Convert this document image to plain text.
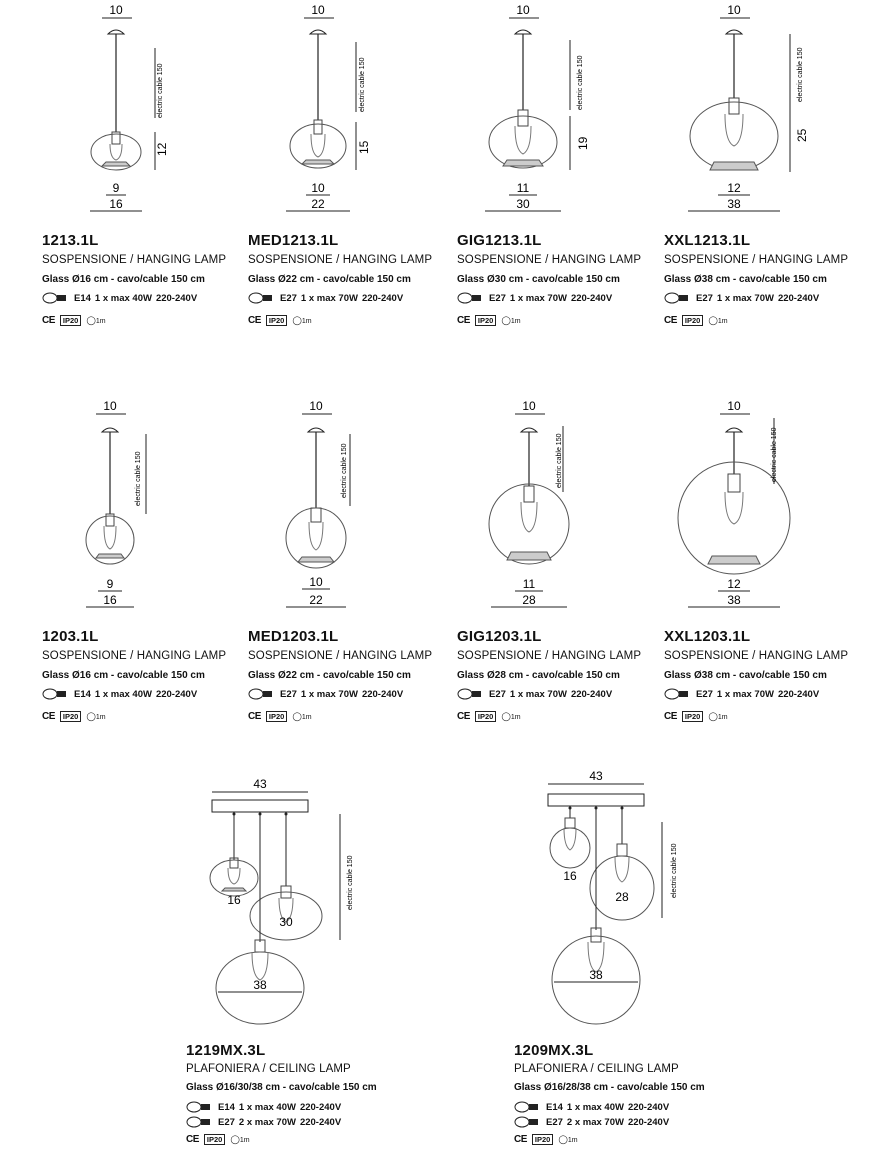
10
electric cable 150
12
9
16
1213.1L
SOSPENSIONE / HANGING LAMP
Glass Ø16 cm - cavo/cable 150 cm
E14 1 x max 40W 220-240V
CE	IP20 ◯1m
10
electric cable 150
15
10
22
MED1213.1L
SOSPENSIONE / HANGING LAMP
Glass Ø22 cm - cavo/cable 150 cm
E27 1 x max 70W 220-240V
CE	IP20 ◯1m
10
electric cable 150
19
11
30
GIG1213.1L
SOSPENSIONE / HANGING LAMP
Glass Ø30 cm - cavo/cable 150 cm
E27 1 x max 70W 220-240V
CE	IP20 ◯1m
10
electric cable 150
25
12
38
XXL1213.1L
SOSPENSIONE / HANGING LAMP
Glass Ø38 cm - cavo/cable 150 cm
E27 1 x max 70W 220-240V
CE	IP20 ◯1m
10
electric cable 150
9
16
1203.1L
SOSPENSIONE / HANGING LAMP
Glass Ø16 cm - cavo/cable 150 cm
E14 1 x max 40W 220-240V
CE	IP20 ◯1m
10
electric cable 150
10
22
MED1203.1L
SOSPENSIONE / HANGING LAMP
Glass Ø22 cm - cavo/cable 150 cm
E27 1 x max 70W 220-240V
CE	IP20 ◯1m
10
electric cable 150
11
28
GIG1203.1L
SOSPENSIONE / HANGING LAMP
Glass Ø28 cm - cavo/cable 150 cm
E27 1 x max 70W 220-240V
CE	IP20 ◯1m
10
electric cable 150
12
38
XXL1203.1L
SOSPENSIONE / HANGING LAMP
Glass Ø38 cm - cavo/cable 150 cm
E27 1 x max 70W 220-240V
CE	IP20 ◯1m
43
16
30
38
electric cable 150
1219MX.3L
PLAFONIERA / CEILING LAMP
Glass Ø16/30/38 cm - cavo/cable 150 cm
E14 1 x max 40W 220-240V
E27 2 x max 70W 220-240V
CE	IP20 ◯1m
43
16
28
38
electric cable 150
1209MX.3L
PLAFONIERA / CEILING LAMP
Glass Ø16/28/38 cm - cavo/cable 150 cm
E14 1 x max 40W 220-240V
E27 2 x max 70W 220-240V
CE	IP20 ◯1m
